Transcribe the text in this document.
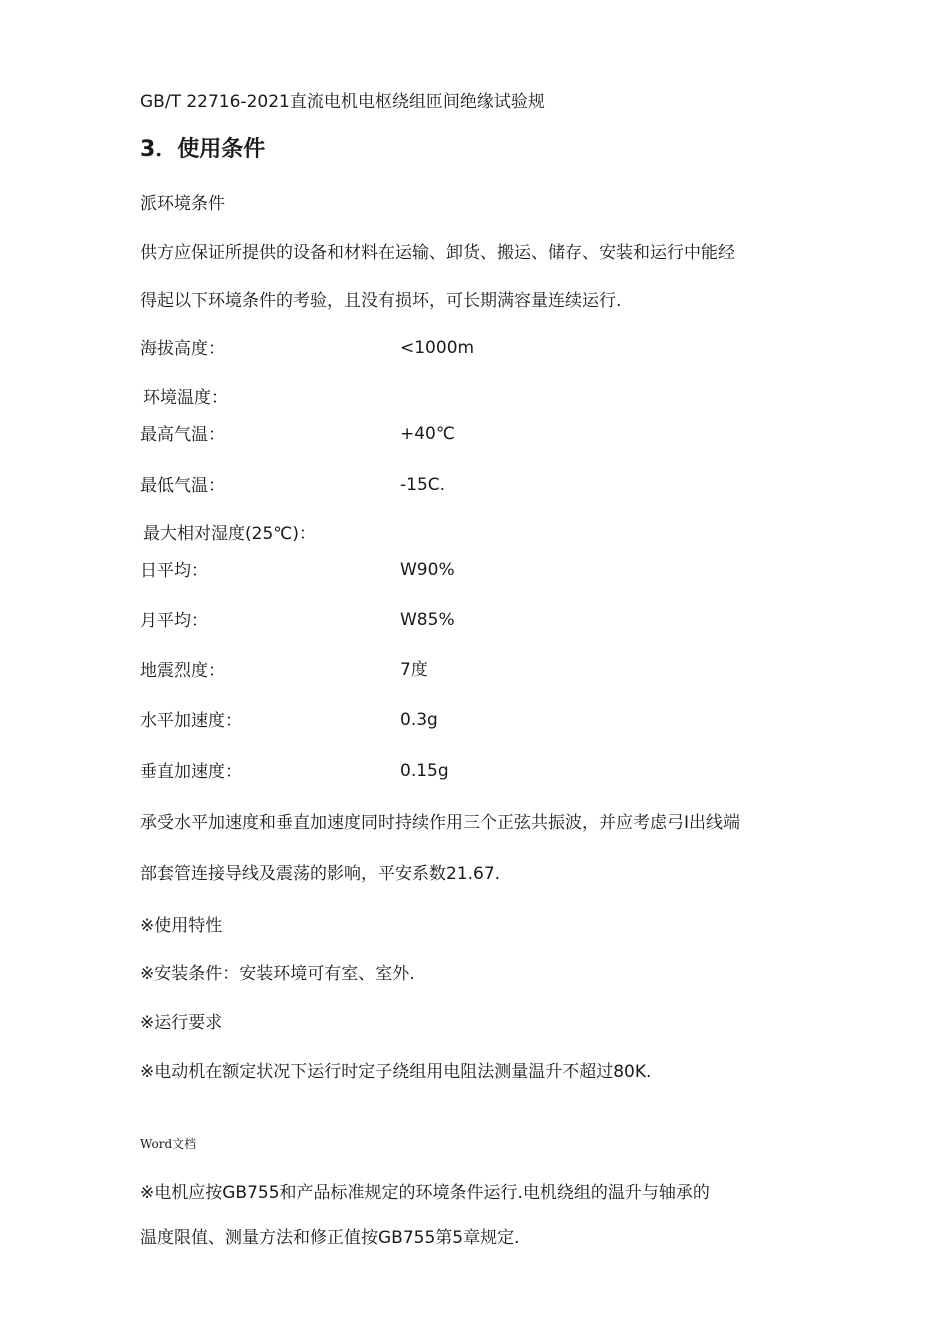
GB/T 22716-2021直流电机电枢绕组匝间绝缘试验规
3．使用条件
派环境条件
供方应保证所提供的设备和材料在运输、卸货、搬运、储存、安装和运行中能经
得起以下环境条件的考验，且没有损坏，可长期满容量连续运行.
海拔高度：	<1000m
环境温度：
最高气温：	+40℃
最低气温：	-15C.
最大相对湿度(25℃)：
日平均：	W90%
月平均：	W85%
地震烈度：	7度
水平加速度：	0.3g
垂直加速度：	0.15g
承受水平加速度和垂直加速度同时持续作用三个正弦共振波，并应考虑弓I出线端
部套管连接导线及震荡的影响，平安系数21.67.
※使用特性
※安装条件：安装环境可有室、室外.
※运行要求
※电动机在额定状况下运行时定子绕组用电阻法测量温升不超过80K.
Word文档
※电机应按GB755和产品标准规定的环境条件运行.电机绕组的温升与轴承的
温度限值、测量方法和修正值按GB755第5章规定.
